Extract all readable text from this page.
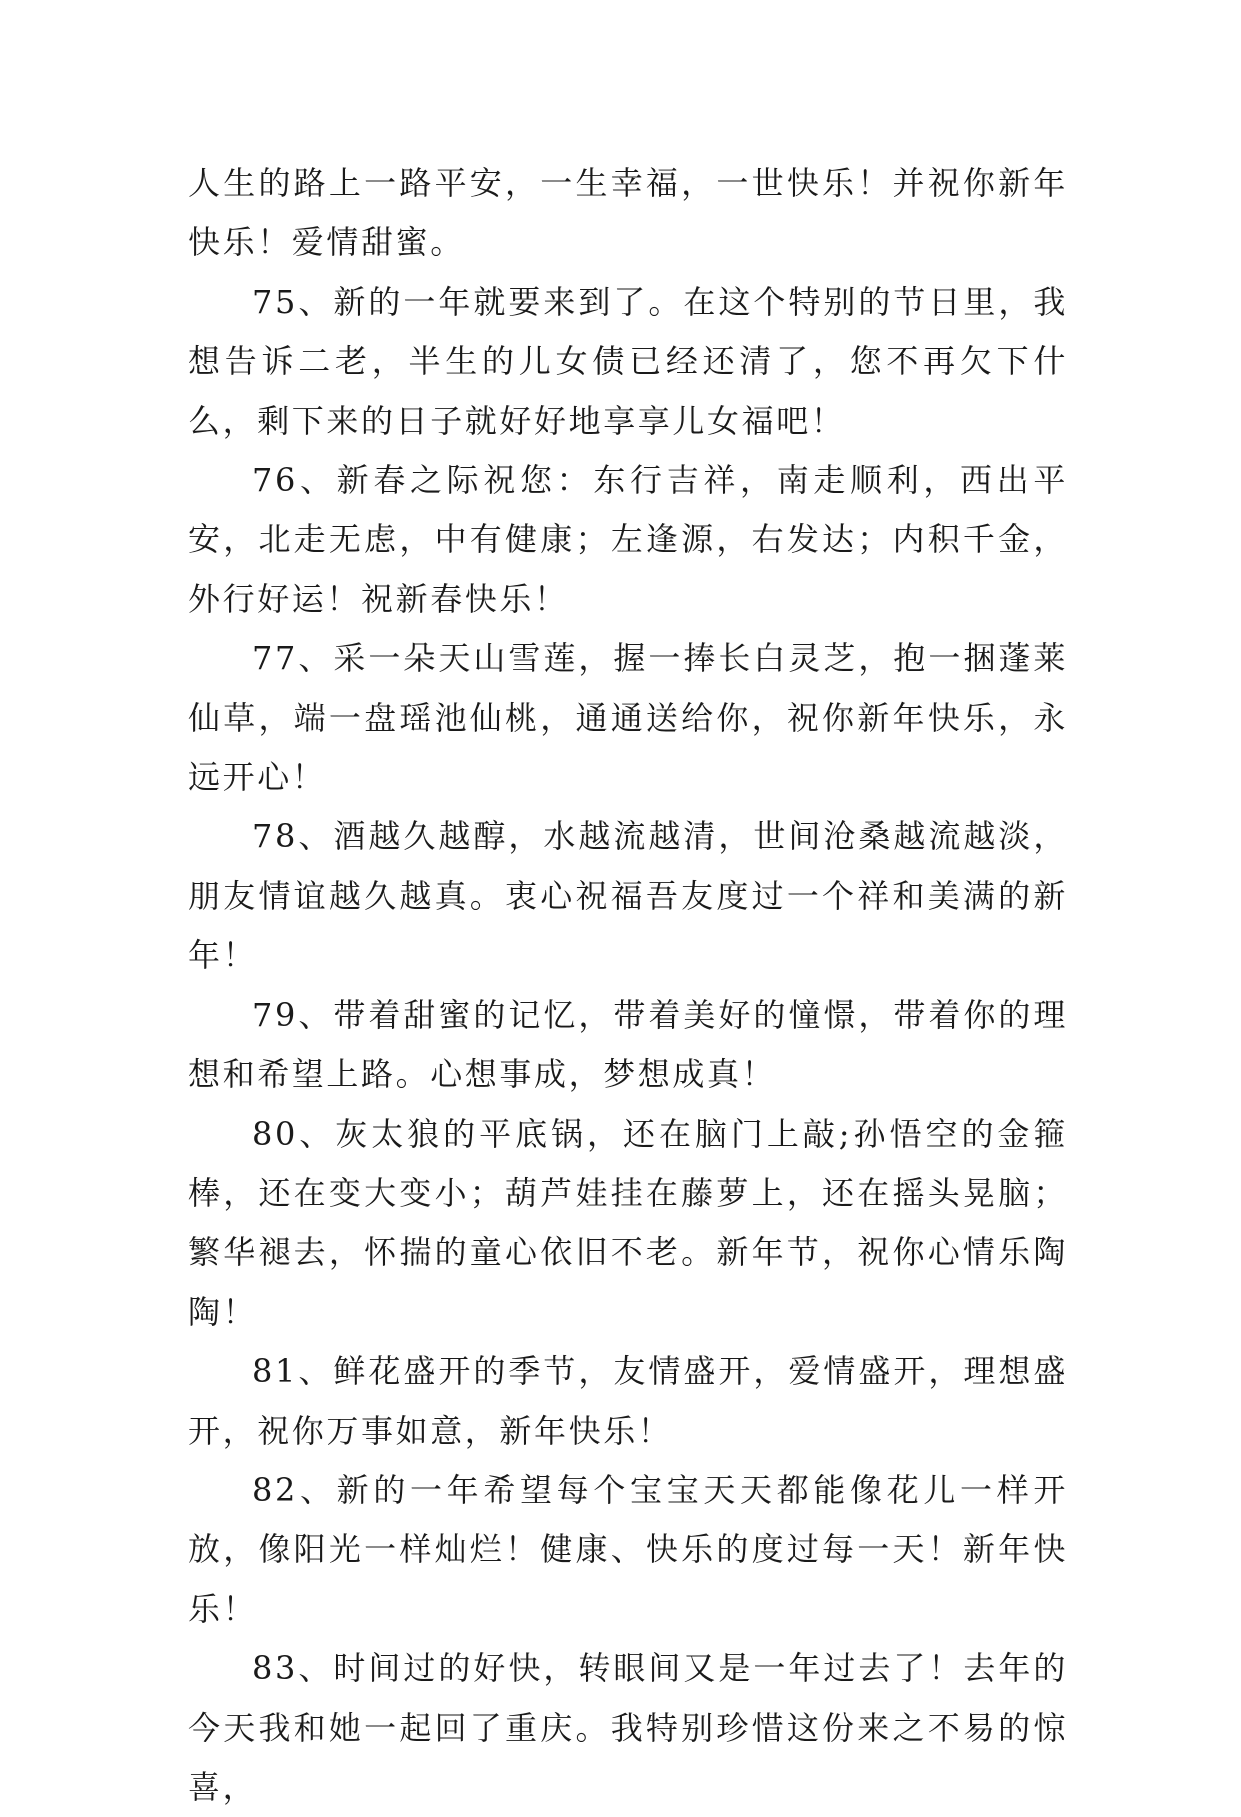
人生的路上一路平安，一生幸福，一世快乐！并祝你新年快乐！爱情甜蜜。

75、新的一年就要来到了。在这个特别的节日里，我想告诉二老，半生的儿女债已经还清了，您不再欠下什么，剩下来的日子就好好地享享儿女福吧！

76、新春之际祝您：东行吉祥，南走顺利，西出平安，北走无虑，中有健康；左逢源，右发达；内积千金，外行好运！祝新春快乐！

77、采一朵天山雪莲，握一捧长白灵芝，抱一捆蓬莱仙草，端一盘瑶池仙桃，通通送给你，祝你新年快乐，永远开心！

78、酒越久越醇，水越流越清，世间沧桑越流越淡，朋友情谊越久越真。衷心祝福吾友度过一个祥和美满的新年！

79、带着甜蜜的记忆，带着美好的憧憬，带着你的理想和希望上路。心想事成，梦想成真！

80、灰太狼的平底锅，还在脑门上敲;孙悟空的金箍棒，还在变大变小；葫芦娃挂在藤萝上，还在摇头晃脑；繁华褪去，怀揣的童心依旧不老。新年节，祝你心情乐陶陶！

81、鲜花盛开的季节，友情盛开，爱情盛开，理想盛开，祝你万事如意，新年快乐！

82、新的一年希望每个宝宝天天都能像花儿一样开放，像阳光一样灿烂！健康、快乐的度过每一天！新年快乐！

83、时间过的好快，转眼间又是一年过去了！去年的今天我和她一起回了重庆。我特别珍惜这份来之不易的惊喜，
